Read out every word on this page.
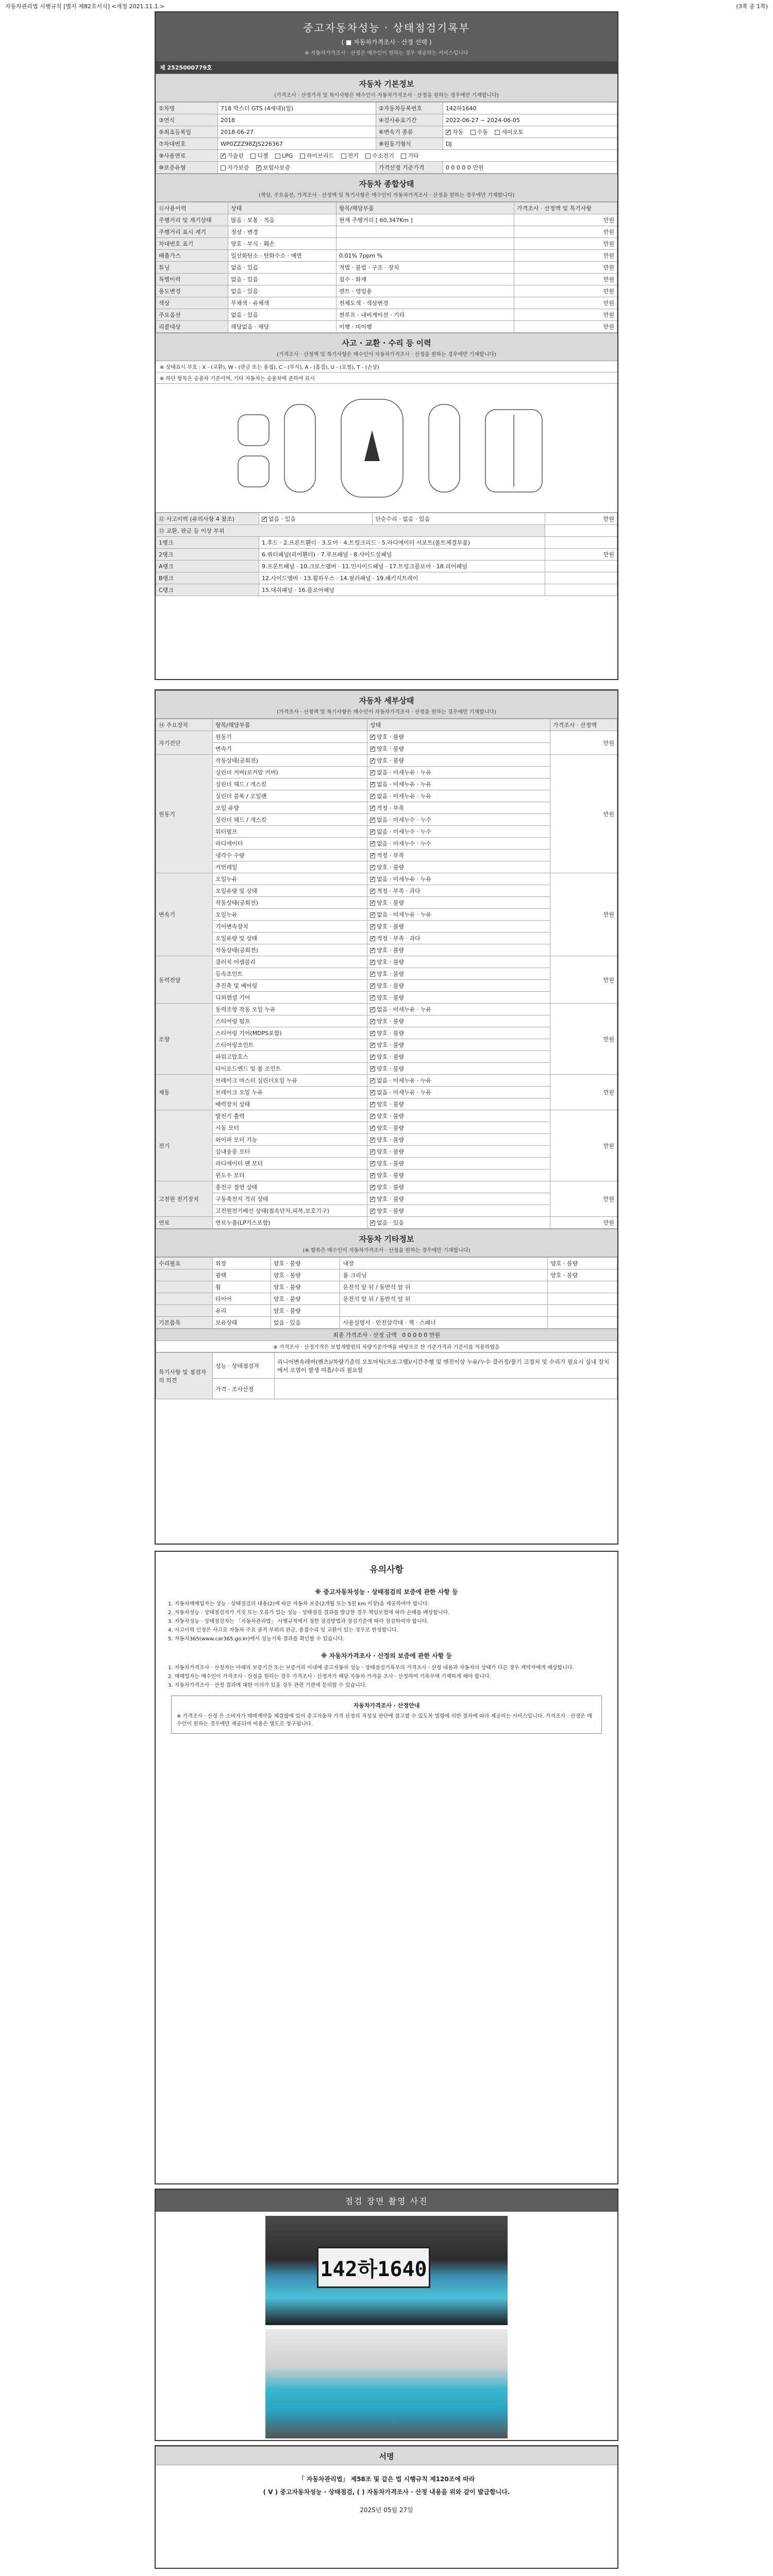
자동차관리법 시행규칙 [별지 제82호서식] <개정 2021.11.1.>	(3쪽 중 1쪽)
중고자동차성능 · 상태점검기록부
( ■ 자동차가격조사 · 산정 선택 )
※ 자동차가격조사 · 산정은 매수인이 원하는 경우 제공하는 서비스입니다
제 2525000779호
자동차 기본정보
(가격조사 · 산정가격 및 특이사항은 매수인이 자동차가격조사 · 산정을 원하는 경우에만 기재합니다)
①차명	718 박스터 GTS (4세대)(일)	②자동차등록번호	142하1640
③연식	2018	④검사유효기간	2022-06-27 ~ 2024-06-05
⑤최초등록일	2018-06-27	⑥변속기 종류	✓자동 수동 세미오토
⑦차대번호	WP0ZZZ98ZJS226367	⑧원동기형식	DJ
⑨사용연료	✓가솔린 디젤 LPG 하이브리드 전기 수소전기 기타
⑩보증유형	자가보증 ✓ 보험사보증	가격산정 기준가격	0 0 0 0 0 만원
자동차 종합상태
(색상, 주요옵션, 가격조사 · 산정액 및 특기사항은 매수인이 자동차가격조사 · 산정을 원하는 경우에만 기재합니다)
⑪사용이력	상태	항목/해당부품	가격조사 · 산정액 및 특기사항
주행거리 및 계기상태	많음 · 보통 · 적음	현재 주행거리 [ 60,347Km ]	만원
주행거리 표시 계기	정상 · 변경		만원
차대번호 표기	양호 · 부식 · 훼손		만원
배출가스	일산화탄소 · 탄화수소 · 매연	0.01% 7ppm %	만원
튜닝	없음 · 있음	적법 · 불법 · 구조 · 장치	만원
특별이력	없음 · 있음	침수 · 화재	만원
용도변경	없음 · 있음	렌트 · 영업용	만원
색상	무채색 · 유채색	전체도색 · 색상변경	만원
주요옵션	없음 · 있음	썬루프 · 내비게이션 · 기타	만원
리콜대상	해당없음 · 해당	이행 · 미이행	만원
사고 · 교환 · 수리 등 이력
(가격조사 · 산정액 및 특기사항은 매수인이 자동차가격조사 · 산정을 원하는 경우에만 기재합니다)
※ 상태표시 부호 : X - (교환), W - (판금 또는 용접), C - (부식), A - (흠집), U - (요철), T - (손상)
※ 하단 항목은 승용차 기준이며, 기타 자동차는 승용차에 준하여 표시
⑫ 사고이력 (유의사항 4 참조)	✓없음 · 있음	단순수리 · 없음 · 있음	만원
⑬ 교환, 판금 등 이상 부위			
1랭크	1.후드 · 2.프론트휀더 · 3.도어 · 4.트렁크리드 · 5.라디에이터 서포트(볼트체결부품)		
2랭크	6.쿼터패널(리어휀더) · 7.루프패널 · 8.사이드실패널		만원
A랭크	9.프론트패널 · 10.크로스멤버 · 11.인사이드패널 · 17.트렁크플로어 · 18.리어패널		
B랭크	12.사이드멤버 · 13.휠하우스 · 14.필러패널 · 19.패키지트레이		
C랭크	15.대쉬패널 · 16.플로어패널		
자동차 세부상태
(가격조사 · 산정액 및 특기사항은 매수인이 자동차가격조사 · 산정을 원하는 경우에만 기재합니다)
⑭ 주요장치	항목/해당부품	상태	가격조사 · 산정액
자기진단	원동기	✓양호 · 불량	만원
	변속기	✓양호 · 불량
원동기	작동상태(공회전)	✓양호 · 불량	만원
	실린더 커버(로커암 커버)	✓없음 · 미세누유 · 누유
	실린더 헤드 / 개스킷	✓없음 · 미세누유 · 누유
	실린더 블록 / 오일팬	✓없음 · 미세누유 · 누유
	오일 유량	✓적정 · 부족
	실린더 헤드 / 개스킷	✓없음 · 미세누수 · 누수
	워터펌프	✓없음 · 미세누수 · 누수
	라디에이터	✓없음 · 미세누수 · 누수
	냉각수 수량	✓적정 · 부족
	커먼레일	✓양호 · 불량
변속기	오일누유	✓없음 · 미세누유 · 누유	만원
	오일유량 및 상태	✓적정 · 부족 · 과다
	작동상태(공회전)	✓양호 · 불량
	오일누유	✓없음 · 미세누유 · 누유
	기어변속장치	✓양호 · 불량
	오일유량 및 상태	✓적정 · 부족 · 과다
	작동상태(공회전)	✓양호 · 불량
동력전달	클러치 어셈블리	✓양호 · 불량	만원
	등속조인트	✓양호 · 불량
	추진축 및 베어링	✓양호 · 불량
	디퍼렌셜 기어	✓양호 · 불량
조향	동력조향 작동 오일 누유	✓없음 · 미세누유 · 누유	만원
	스티어링 펌프	✓양호 · 불량
	스티어링 기어(MDPS포함)	✓양호 · 불량
	스티어링조인트	✓양호 · 불량
	파워고압호스	✓양호 · 불량
	타이로드엔드 및 볼 조인트	✓양호 · 불량
제동	브레이크 마스터 실린더오일 누유	✓없음 · 미세누유 · 누유	만원
	브레이크 오일 누유	✓없음 · 미세누유 · 누유
	배력장치 상태	✓양호 · 불량
전기	발전기 출력	✓양호 · 불량	만원
	시동 모터	✓양호 · 불량
	와이퍼 모터 기능	✓양호 · 불량
	실내송풍 모터	✓양호 · 불량
	라디에이터 팬 모터	✓양호 · 불량
	윈도우 모터	✓양호 · 불량
고전원 전기장치	충전구 절연 상태	✓양호 · 불량	만원
	구동축전지 격리 상태	✓양호 · 불량
	고전원전기배선 상태(접속단자,피복,보호기구)	✓양호 · 불량
연료	연료누출(LP가스포함)	✓없음 · 있음	만원
자동차 기타정보
(※ 항목은 매수인이 자동차가격조사 · 산정을 원하는 경우에만 기재합니다)
수리필요	외장	양호 · 불량	내장	양호 · 불량
	광택	양호 · 불량	룸 크리닝	양호 · 불량
	휠	양호 · 불량	운전석 앞 뒤 / 동반석 앞 뒤	
	타이어	양호 · 불량	운전석 앞 뒤 / 동반석 앞 뒤	
	유리	양호 · 불량		
기본품목	보유상태	없음 · 있음	사용설명서 · 안전삼각대 · 잭 · 스패너	
최종 가격조사 · 산정 금액 0 0 0 0 0 만원
※ 가격조사 · 산정가격은 보험개발원의 차량기준가액을 바탕으로 한 기준가격과 기준서를 적용하였음
특기사항 및 점검자의 의견	성능 · 상태점검자	리니어변속레버(벤츠)/차량기준의 오토마틱(프로그램)/시간주행 및 엔진이상 누유/누수 클러징/물기 고장치 및 수리가 필요시 실내 장치에서 오염이 발생 미흡/수리 필요함
	가격 · 조사산정	
유의사항
※ 중고자동차성능 · 상태점검의 보증에 관한 사항 등

1. 자동차매매업자는 성능 · 상태점검의 내용(2)에 따른 자동차 보증(2개월 또는 5천 km 이상)을 제공하여야 합니다.

2. 자동차성능 · 상태점검자가 거짓 또는 오류가 있는 성능 · 상태점검 결과를 발급한 경우 책임보험에 따라 손해를 배상합니다.

3. 자동차성능 · 상태점검자는 「자동차관리법」 시행규칙에서 정한 점검방법과 점검기준에 따라 점검하여야 합니다.

4. 사고이력 인정은 사고로 자동차 주요 골격 부위의 판금, 용접수리 및 교환이 있는 경우로 한정합니다.

5. 자동차365(www.car365.go.kr)에서 성능기록 결과를 확인할 수 있습니다.

※ 자동차가격조사 · 산정의 보증에 관한 사항 등

1. 자동차가격조사 · 산정자는 아래의 보증기간 또는 보증거리 이내에 중고자동차 성능 · 상태점검기록부의 가격조사 · 산정 내용과 자동차의 상태가 다른 경우 계약자에게 배상합니다.

2. 매매업자는 매수인이 가격조사 · 산정을 원하는 경우 가격조사 · 산정자가 해당 자동차 가격을 조사 · 산정하여 기록부에 기재하게 해야 합니다.

3. 자동차가격조사 · 산정 결과에 대한 이의가 있을 경우 관련 기관에 문의할 수 있습니다.

자동차가격조사 · 산정안내
※ 가격조사 · 산정 은 소비자가 매매계약을 체결함에 있어 중고자동차 가격 산정의 적정성 판단에 참고할 수 있도록 법령에 의한 절차에 따라 제공하는 서비스입니다. 가격조사 · 산정은 매수인이 원하는 경우에만 제공되며 비용은 별도로 청구됩니다.
점검 장면 촬영 사진
142하1640
서명
「 자동차관리법」 제58조 및 같은 법 시행규칙 제120조에 따라
( V ) 중고자동차성능 · 상태점검, ( ) 자동차가격조사 · 산정 내용을 위와 같이 발급합니다.
2025년 05월 27일
